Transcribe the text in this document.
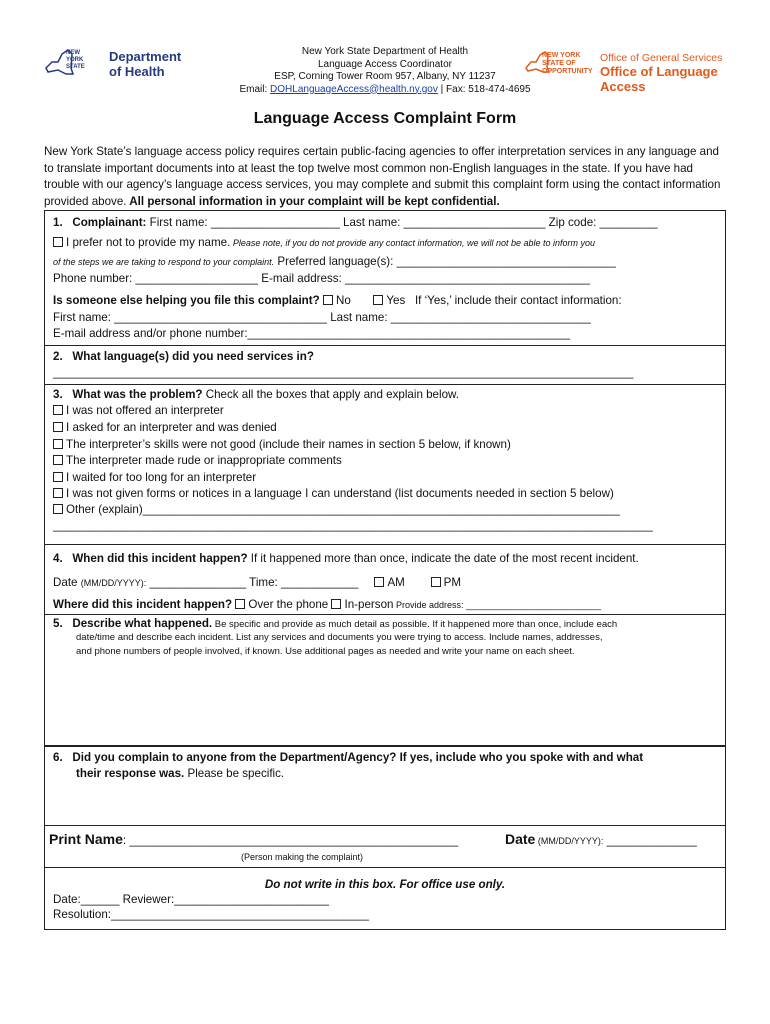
NEW YORK STATE
Department
of Health
New York State Department of Health
Language Access Coordinator
ESP, Corning Tower Room 957, Albany, NY 11237
Email: DOHLanguageAccess@health.ny.gov | Fax: 518-474-4695
NEW YORK STATE OF OPPORTUNITY
Office of General Services
Office of Language Access
Language Access Complaint Form
New York State’s language access policy requires certain public-facing agencies to offer interpretation services in any language and to translate important documents into at least the top twelve most common non-English languages in the state. If you have had trouble with our agency’s language access services, you may complete and submit this complaint form using the contact information provided above. All personal information in your complaint will be kept confidential.
1. Complainant: First name: ____________________ Last name: ______________________ Zip code: _________
I prefer not to provide my name. Please note, if you do not provide any contact information, we will not be able to inform you
of the steps we are taking to respond to your complaint. Preferred language(s): __________________________________
Phone number: ___________________ E-mail address: ______________________________________
Is someone else helping you file this complaint? No	Yes If ‘Yes,’ include their contact information:
First name: _________________________________ Last name: _______________________________
E-mail address and/or phone number:__________________________________________________
2. What language(s) did you need services in?
__________________________________________________________________________________________
3. What was the problem? Check all the boxes that apply and explain below.
I was not offered an interpreter
I asked for an interpreter and was denied
The interpreter’s skills were not good (include their names in section 5 below, if known)
The interpreter made rude or inappropriate comments
I waited for too long for an interpreter
I was not given forms or notices in a language I can understand (list documents needed in section 5 below)
Other (explain)__________________________________________________________________________
_____________________________________________________________________________________________
4. When did this incident happen? If it happened more than once, indicate the date of the most recent incident.
Date (MM/DD/YYYY): _______________ Time: ____________	AM	PM
Where did this incident happen? Over the phone In-person Provide address: ___________________________
5. Describe what happened. Be specific and provide as much detail as possible. If it happened more than once, include each
date/time and describe each incident. List any services and documents you were trying to access. Include names, addresses,
and phone numbers of people involved, if known. Use additional pages as needed and write your name on each sheet.
6. Did you complain to anyone from the Department/Agency? If yes, include who you spoke with and what
their response was. Please be specific.
Print Name: ___________________________________________________	Date (MM/DD/YYYY): ______________
(Person making the complaint)
Do not write in this box. For office use only.
Date:______ Reviewer:________________________
Resolution:________________________________________
